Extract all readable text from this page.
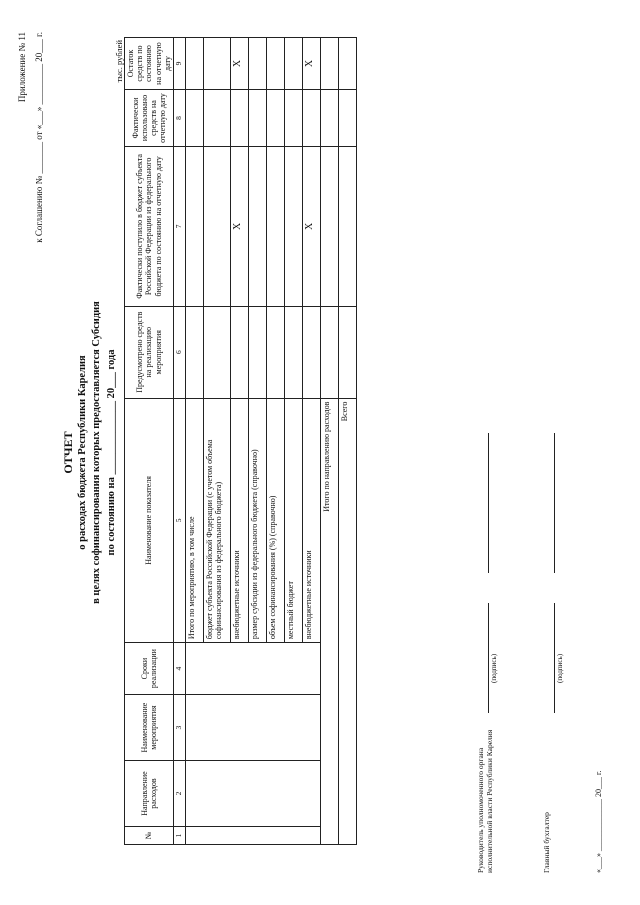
Приложение № 11 к Соглашению № _______ от «___» _________ 20___ г.
ОТЧЕТ о расходах бюджета Республики Карелия в целях софинансирования которых предоставляется Субсидия по состоянию на ______________ 20___ года
тыс. рублей
№	Направление расходов	Наименование мероприятия	Сроки реализации	Наименование показателя	Предусмотрено средств на реализацию мероприятия	Фактически поступило в бюджет субъекта Российской Федерации из федерального бюджета по состоянию на отчетную дату	Фактически использовано средств на отчетную дату	Остаток средств по состоянию на отчетную дату
1	2	3	4	5	6	7	8	9
				Итого по мероприятию, в том числе				
				бюджет субъекта Российской Федерации (с учетом объема софинансирования из федерального бюджета)				
				внебюджетные источники		Х		Х
				размер субсидии из федерального бюджета (справочно)				
				объем софинансирования (%) (справочно)				
				местный бюджет				
				внебюджетные источники		Х		Х
Итого по направлению расходов								
Всего								
Руководитель уполномоченного органа исполнительной власти Республики Карелия
(подпись)
Главный бухгалтер
(подпись)
«___» _____________ 20___ г.
